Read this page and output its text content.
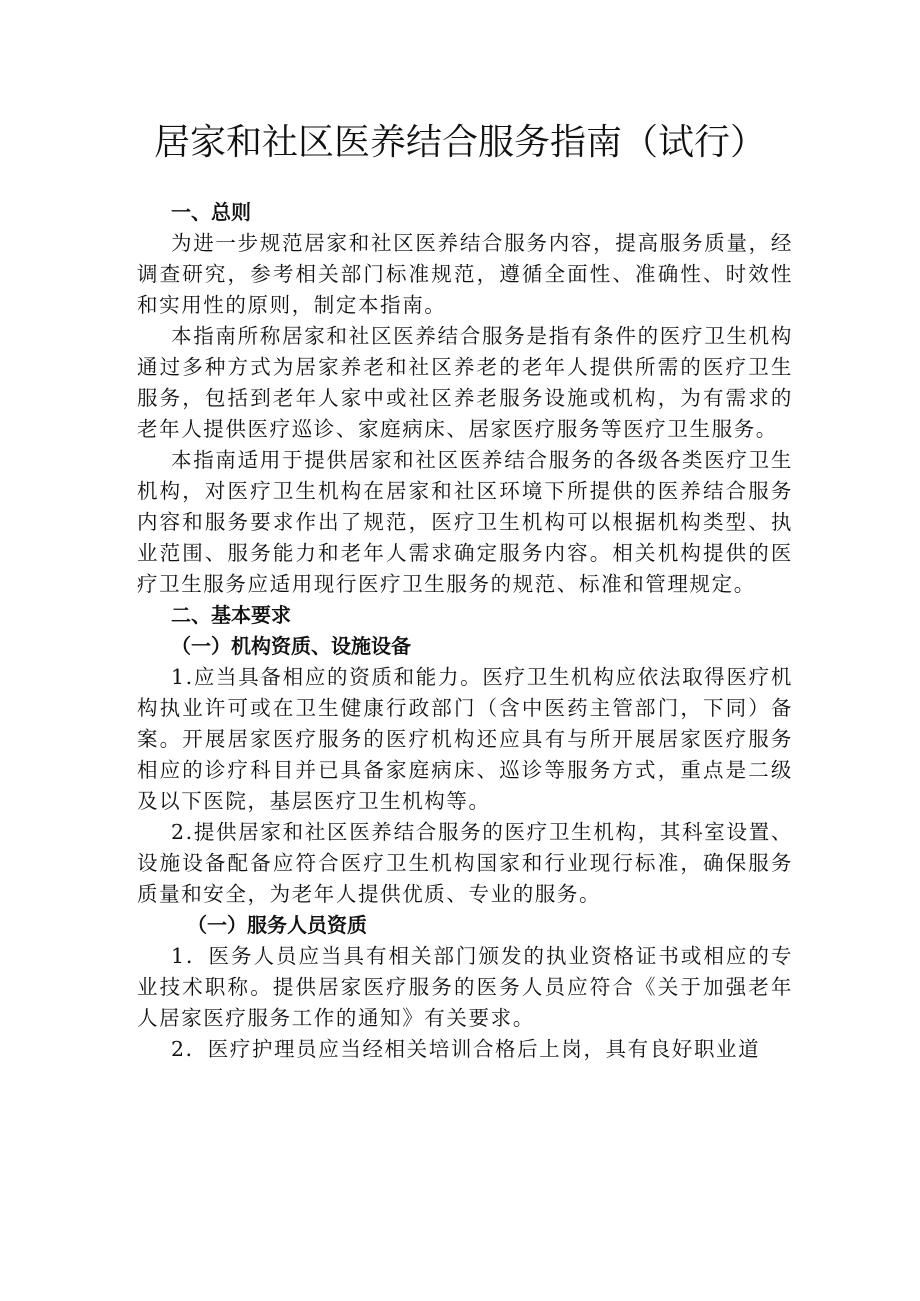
居家和社区医养结合服务指南（试行）
一、总则

为进一步规范居家和社区医养结合服务内容，提高服务质量，经调查研究，参考相关部门标准规范，遵循全面性、准确性、时效性和实用性的原则，制定本指南。

本指南所称居家和社区医养结合服务是指有条件的医疗卫生机构通过多种方式为居家养老和社区养老的老年人提供所需的医疗卫生服务，包括到老年人家中或社区养老服务设施或机构，为有需求的老年人提供医疗巡诊、家庭病床、居家医疗服务等医疗卫生服务。

本指南适用于提供居家和社区医养结合服务的各级各类医疗卫生机构，对医疗卫生机构在居家和社区环境下所提供的医养结合服务内容和服务要求作出了规范，医疗卫生机构可以根据机构类型、执业范围、服务能力和老年人需求确定服务内容。相关机构提供的医疗卫生服务应适用现行医疗卫生服务的规范、标准和管理规定。

二、基本要求
（一）机构资质、设施设备

1.应当具备相应的资质和能力。医疗卫生机构应依法取得医疗机构执业许可或在卫生健康行政部门（含中医药主管部门，下同）备案。开展居家医疗服务的医疗机构还应具有与所开展居家医疗服务相应的诊疗科目并已具备家庭病床、巡诊等服务方式，重点是二级及以下医院，基层医疗卫生机构等。

2.提供居家和社区医养结合服务的医疗卫生机构，其科室设置、设施设备配备应符合医疗卫生机构国家和行业现行标准，确保服务质量和安全，为老年人提供优质、专业的服务。

（一）服务人员资质

1．医务人员应当具有相关部门颁发的执业资格证书或相应的专业技术职称。提供居家医疗服务的医务人员应符合《关于加强老年人居家医疗服务工作的通知》有关要求。

2．医疗护理员应当经相关培训合格后上岗，具有良好职业道
